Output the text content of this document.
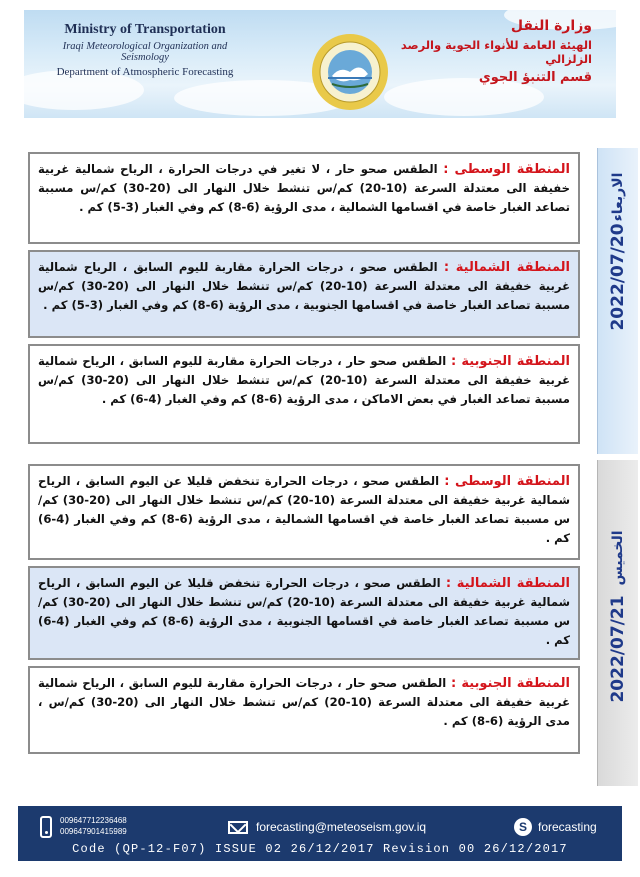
Ministry of Transportation
Iraqi Meteorological Organization and Seismology
Department of Atmospheric Forecasting
وزارة النقل
الهيئة العامة للأنواء الجوية والرصد الزلزالي
قسم التنبؤ الجوي
2022/07/20
الاربعاء
المنطقة الوسطى : الطقس صحو حار ، لا تغير في درجات الحرارة ، الرياح شمالية غربية خفيفة الى معتدلة السرعة (10-20) كم/س تنشط خلال النهار الى (20-30) كم/س مسببة تصاعد الغبار خاصة في اقسامها الشمالية ، مدى الرؤية (6-8) كم وفي الغبار (3-5) كم .
المنطقة الشمالية : الطقس صحو ، درجات الحرارة مقاربة لليوم السابق ، الرياح شمالية غربية خفيفة الى معتدلة السرعة (10-20) كم/س تنشط خلال النهار الى (20-30) كم/س مسببة تصاعد الغبار خاصة في اقسامها الجنوبية ، مدى الرؤية (6-8) كم وفي الغبار (3-5) كم .
المنطقة الجنوبية : الطقس صحو حار ، درجات الحرارة مقاربة لليوم السابق ، الرياح شمالية غربية خفيفة الى معتدلة السرعة (10-20) كم/س تنشط خلال النهار الى (20-30) كم/س مسببة تصاعد الغبار في بعض الاماكن ، مدى الرؤية (6-8) كم وفي الغبار (4-6) كم .
2022/07/21
الخميس
المنطقة الوسطى : الطقس صحو ، درجات الحرارة تنخفض قليلا عن اليوم السابق ، الرياح شمالية غربية خفيفة الى معتدلة السرعة (10-20) كم/س تنشط خلال النهار الى (20-30) كم/س مسببة تصاعد الغبار خاصة في اقسامها الشمالية ، مدى الرؤية (6-8) كم وفي الغبار (4-6) كم .
المنطقة الشمالية : الطقس صحو ، درجات الحرارة تنخفض قليلا عن اليوم السابق ، الرياح شمالية غربية خفيفة الى معتدلة السرعة (10-20) كم/س تنشط خلال النهار الى (20-30) كم/س مسببة تصاعد الغبار خاصة في اقسامها الجنوبية ، مدى الرؤية (6-8) كم وفي الغبار (4-6) كم .
المنطقة الجنوبية : الطقس صحو حار ، درجات الحرارة مقاربة لليوم السابق ، الرياح شمالية غربية خفيفة الى معتدلة السرعة (10-20) كم/س تنشط خلال النهار الى (20-30) كم/س ، مدى الرؤية (6-8) كم .
009647712236468
009647901415989	forecasting@meteoseism.gov.iq	S forecasting
Code (QP-12-F07) ISSUE 02 26/12/2017 Revision 00 26/12/2017
